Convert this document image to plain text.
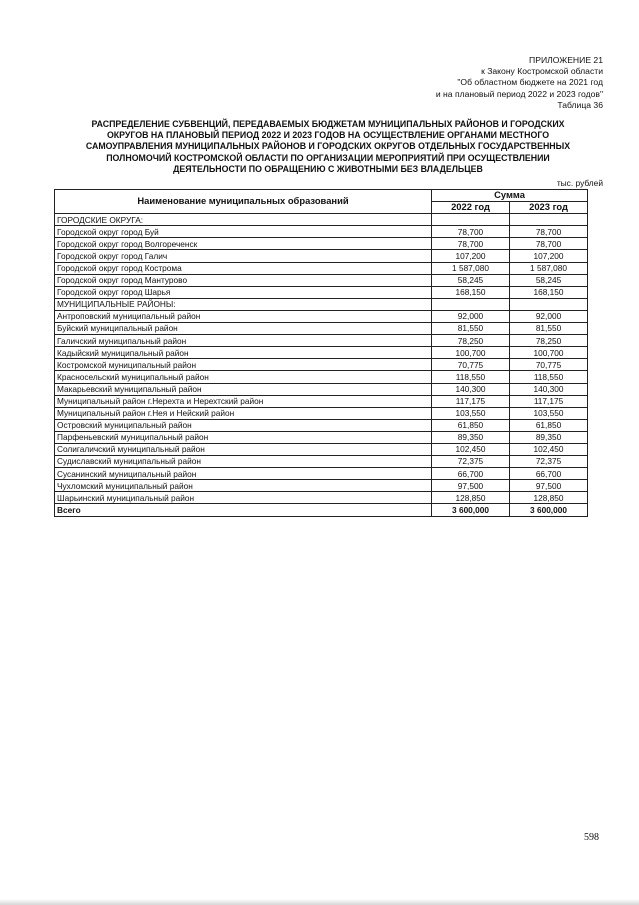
ПРИЛОЖЕНИЕ 21
к Закону Костромской области
"Об областном бюджете на 2021 год
и на плановый период 2022 и 2023 годов"
Таблица 36
РАСПРЕДЕЛЕНИЕ СУБВЕНЦИЙ, ПЕРЕДАВАЕМЫХ БЮДЖЕТАМ МУНИЦИПАЛЬНЫХ РАЙОНОВ И ГОРОДСКИХ
ОКРУГОВ НА ПЛАНОВЫЙ ПЕРИОД 2022 И 2023 ГОДОВ НА ОСУЩЕСТВЛЕНИЕ ОРГАНАМИ МЕСТНОГО
САМОУПРАВЛЕНИЯ МУНИЦИПАЛЬНЫХ РАЙОНОВ И ГОРОДСКИХ ОКРУГОВ ОТДЕЛЬНЫХ ГОСУДАРСТВЕННЫХ
ПОЛНОМОЧИЙ КОСТРОМСКОЙ ОБЛАСТИ ПО ОРГАНИЗАЦИИ МЕРОПРИЯТИЙ ПРИ ОСУЩЕСТВЛЕНИИ
ДЕЯТЕЛЬНОСТИ ПО ОБРАЩЕНИЮ С ЖИВОТНЫМИ БЕЗ ВЛАДЕЛЬЦЕВ
тыс. рублей
Наименование муниципальных образований	Сумма	
	2022 год	2023 год
ГОРОДСКИЕ ОКРУГА:		
Городской округ город Буй	78,700	78,700
Городской округ город Волгореченск	78,700	78,700
Городской округ город Галич	107,200	107,200
Городской округ город Кострома	1 587,080	1 587,080
Городской округ город Мантурово	58,245	58,245
Городской округ город Шарья	168,150	168,150
МУНИЦИПАЛЬНЫЕ РАЙОНЫ:		
Антроповский муниципальный район	92,000	92,000
Буйский муниципальный район	81,550	81,550
Галичский муниципальный район	78,250	78,250
Кадыйский муниципальный район	100,700	100,700
Костромской муниципальный район	70,775	70,775
Красносельский муниципальный район	118,550	118,550
Макарьевский муниципальный район	140,300	140,300
Муниципальный район г.Нерехта и Нерехтский район	117,175	117,175
Муниципальный район г.Нея и Нейский район	103,550	103,550
Островский муниципальный район	61,850	61,850
Парфеньевский муниципальный район	89,350	89,350
Солигаличский муниципальный район	102,450	102,450
Судиславский муниципальный район	72,375	72,375
Сусанинский муниципальный район	66,700	66,700
Чухломский муниципальный район	97,500	97,500
Шарьинский муниципальный район	128,850	128,850
Всего	3 600,000	3 600,000
598
